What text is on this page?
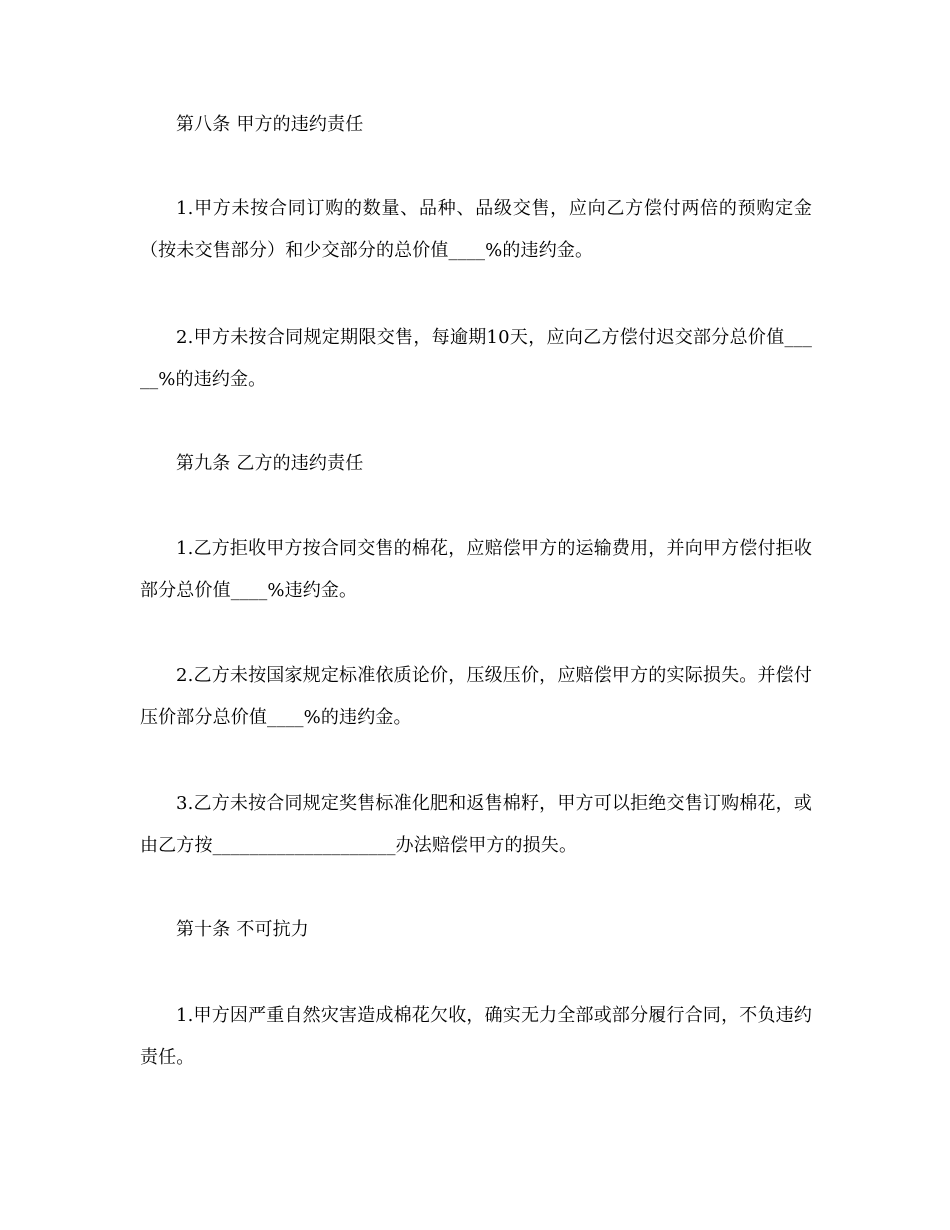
第八条 甲方的违约责任

1.甲方未按合同订购的数量、品种、品级交售，应向乙方偿付两倍的预购定金（按未交售部分）和少交部分的总价值____%的违约金。

2.甲方未按合同规定期限交售，每逾期10天，应向乙方偿付迟交部分总价值_____%的违约金。

第九条 乙方的违约责任

1.乙方拒收甲方按合同交售的棉花，应赔偿甲方的运输费用，并向甲方偿付拒收部分总价值____%违约金。

2.乙方未按国家规定标准依质论价，压级压价，应赔偿甲方的实际损失。并偿付压价部分总价值____%的违约金。

3.乙方未按合同规定奖售标准化肥和返售棉籽，甲方可以拒绝交售订购棉花，或由乙方按____________________办法赔偿甲方的损失。

第十条 不可抗力

1.甲方因严重自然灾害造成棉花欠收，确实无力全部或部分履行合同，不负违约责任。
